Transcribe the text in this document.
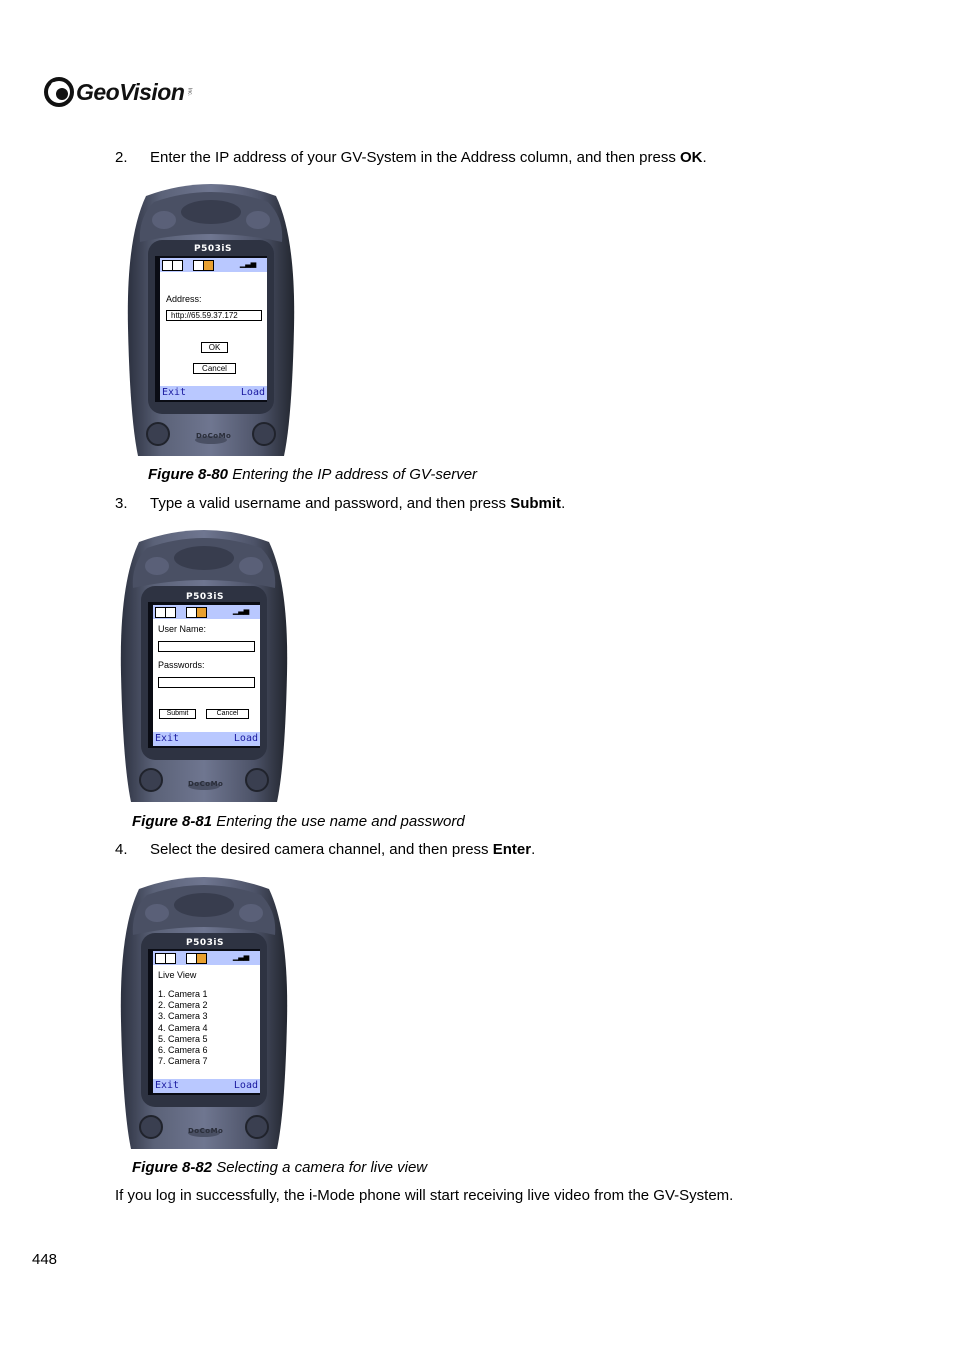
GeoVision Inc.
2. Enter the IP address of your GV-System in the Address column, and then press OK.
P503iS
DoCoMo
▁▃▅
Address:
http://65.59.37.172
OK
Cancel
Exit	Load
Figure 8-80 Entering the IP address of GV-server
3. Type a valid username and password, and then press Submit.
P503iS
DoCoMo
▁▃▅
User Name:
Passwords:
Submit	Cancel
Exit	Load
Figure 8-81 Entering the use name and password
4. Select the desired camera channel, and then press Enter.
P503iS
DoCoMo
▁▃▅
Live View
1. Camera 1
2. Camera 2
3. Camera 3
4. Camera 4
5. Camera 5
6. Camera 6
7. Camera 7
Exit	Load
Figure 8-82 Selecting a camera for live view
If you log in successfully, the i-Mode phone will start receiving live video from the GV-System.
448
